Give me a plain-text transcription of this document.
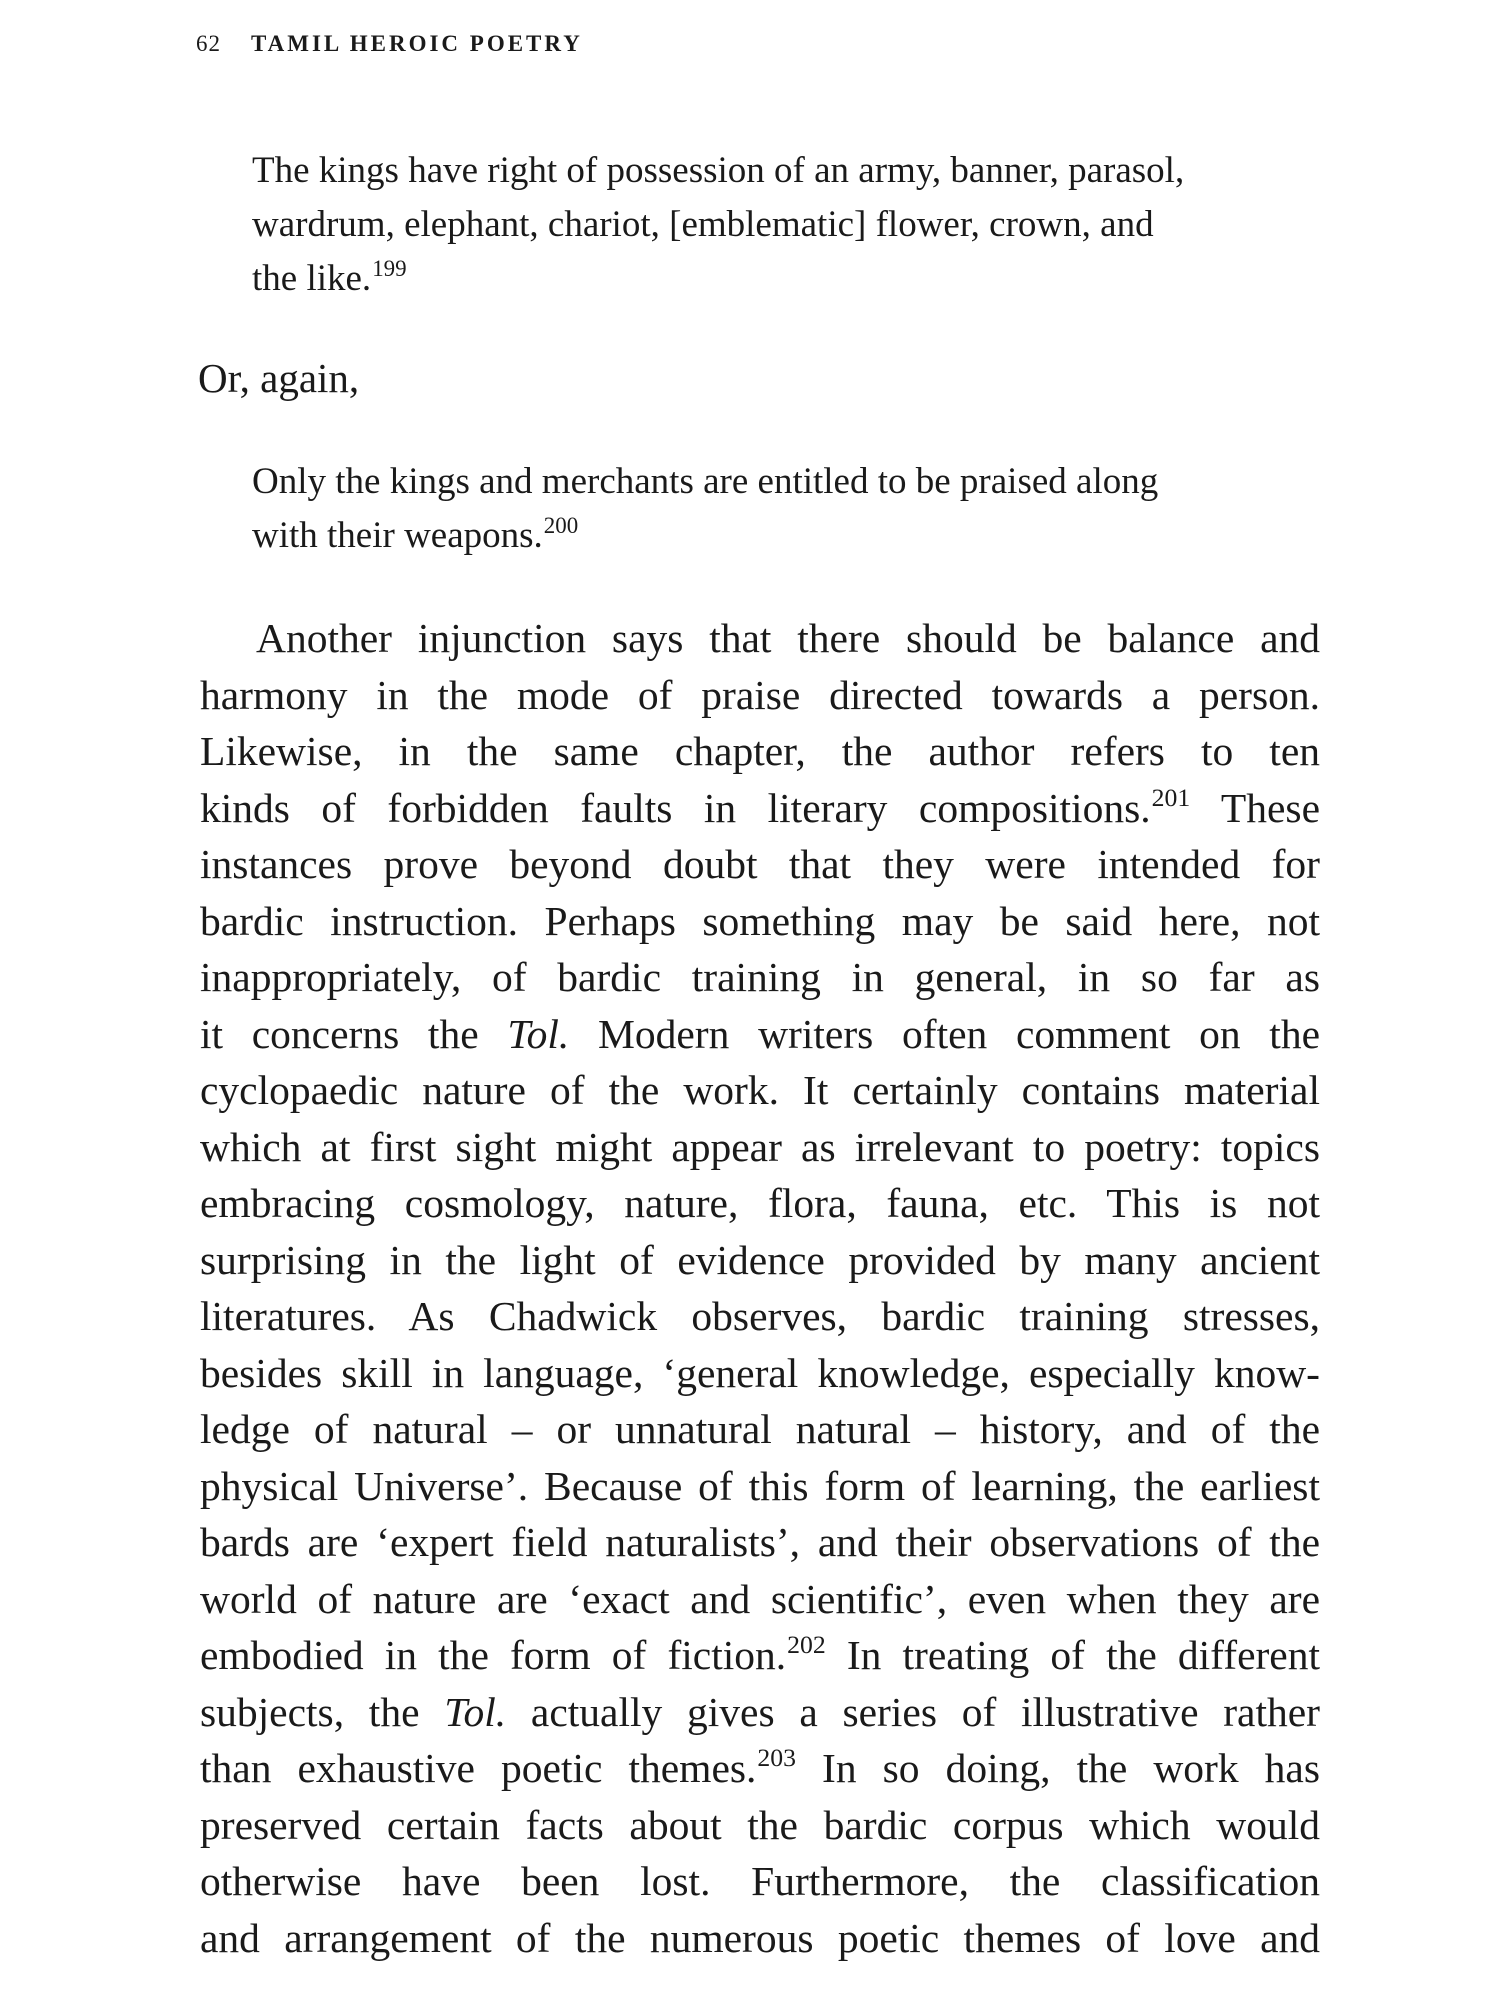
62 TAMIL HEROIC POETRY
The kings have right of possession of an army, banner, parasol,
wardrum, elephant, chariot, [emblematic] flower, crown, and
the like.$^{199}$
Or, again,
Only the kings and merchants are entitled to be praised along
with their weapons.$^{200}$
Another injunction says that there should be balance and
harmony in the mode of praise directed towards a person.
Likewise, in the same chapter, the author refers to ten
kinds of forbidden faults in literary compositions.$^{201}$ These
instances prove beyond doubt that they were intended for
bardic instruction. Perhaps something may be said here, not
inappropriately, of bardic training in general, in so far as
it concerns the Tol. Modern writers often comment on the
cyclopaedic nature of the work. It certainly contains material
which at first sight might appear as irrelevant to poetry: topics
embracing cosmology, nature, flora, fauna, etc. This is not
surprising in the light of evidence provided by many ancient
literatures. As Chadwick observes, bardic training stresses,
besides skill in language, ‘general knowledge, especially know-
ledge of natural – or unnatural natural – history, and of the
physical Universe’. Because of this form of learning, the earliest
bards are ‘expert field naturalists’, and their observations of the
world of nature are ‘exact and scientific’, even when they are
embodied in the form of fiction.$^{202}$ In treating of the different
subjects, the Tol. actually gives a series of illustrative rather
than exhaustive poetic themes.$^{203}$ In so doing, the work has
preserved certain facts about the bardic corpus which would
otherwise have been lost. Furthermore, the classification
and arrangement of the numerous poetic themes of love and
